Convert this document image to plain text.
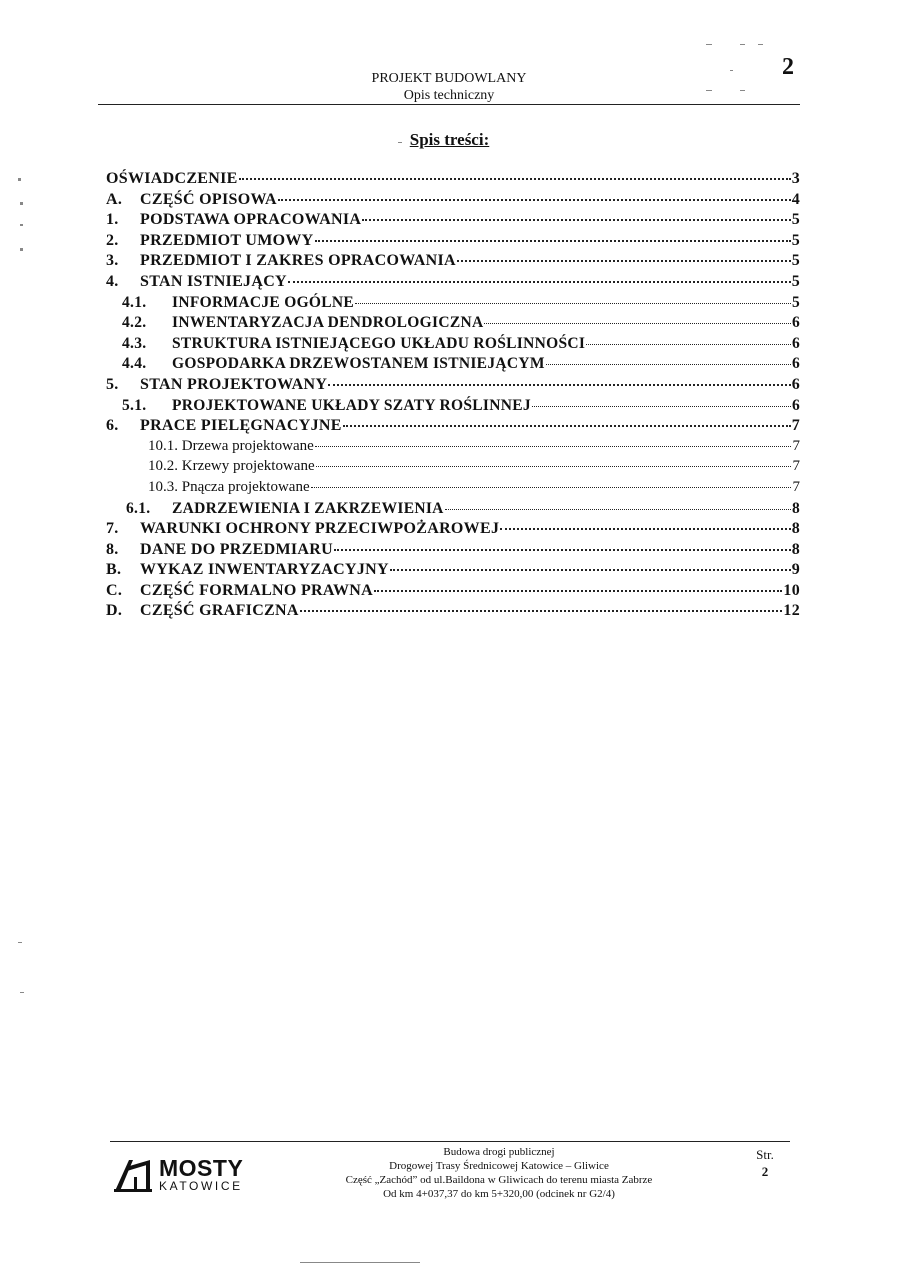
2
PROJEKT BUDOWLANY
Opis techniczny
Spis treści:
OŚWIADCZENIE	3
A.	CZĘŚĆ OPISOWA	4
1.	PODSTAWA OPRACOWANIA	5
2.	PRZEDMIOT UMOWY	5
3.	PRZEDMIOT I ZAKRES OPRACOWANIA	5
4.	STAN ISTNIEJĄCY	5
4.1.	INFORMACJE OGÓLNE	5
4.2.	INWENTARYZACJA DENDROLOGICZNA	6
4.3.	STRUKTURA ISTNIEJĄCEGO UKŁADU ROŚLINNOŚCI	6
4.4.	GOSPODARKA DRZEWOSTANEM ISTNIEJĄCYM	6
5.	STAN PROJEKTOWANY	6
5.1.	PROJEKTOWANE UKŁADY SZATY ROŚLINNEJ	6
6.	PRACE PIELĘGNACYJNE	7
10.1. Drzewa projektowane	7
10.2. Krzewy projektowane	7
10.3. Pnącza projektowane	7
6.1.	ZADRZEWIENIA I ZAKRZEWIENIA	8
7.	WARUNKI OCHRONY PRZECIWPOŻAROWEJ	8
8.	DANE DO PRZEDMIARU	8
B.	WYKAZ INWENTARYZACYJNY	9
C.	CZĘŚĆ FORMALNO PRAWNA	10
D.	CZĘŚĆ GRAFICZNA	12
MOSTY
KATOWICE
Budowa drogi publicznej
Drogowej Trasy Średnicowej Katowice – Gliwice
Część „Zachód” od ul.Baildona w Gliwicach do terenu miasta Zabrze
Od km 4+037,37 do km 5+320,00 (odcinek nr G2/4)
Str.
2
